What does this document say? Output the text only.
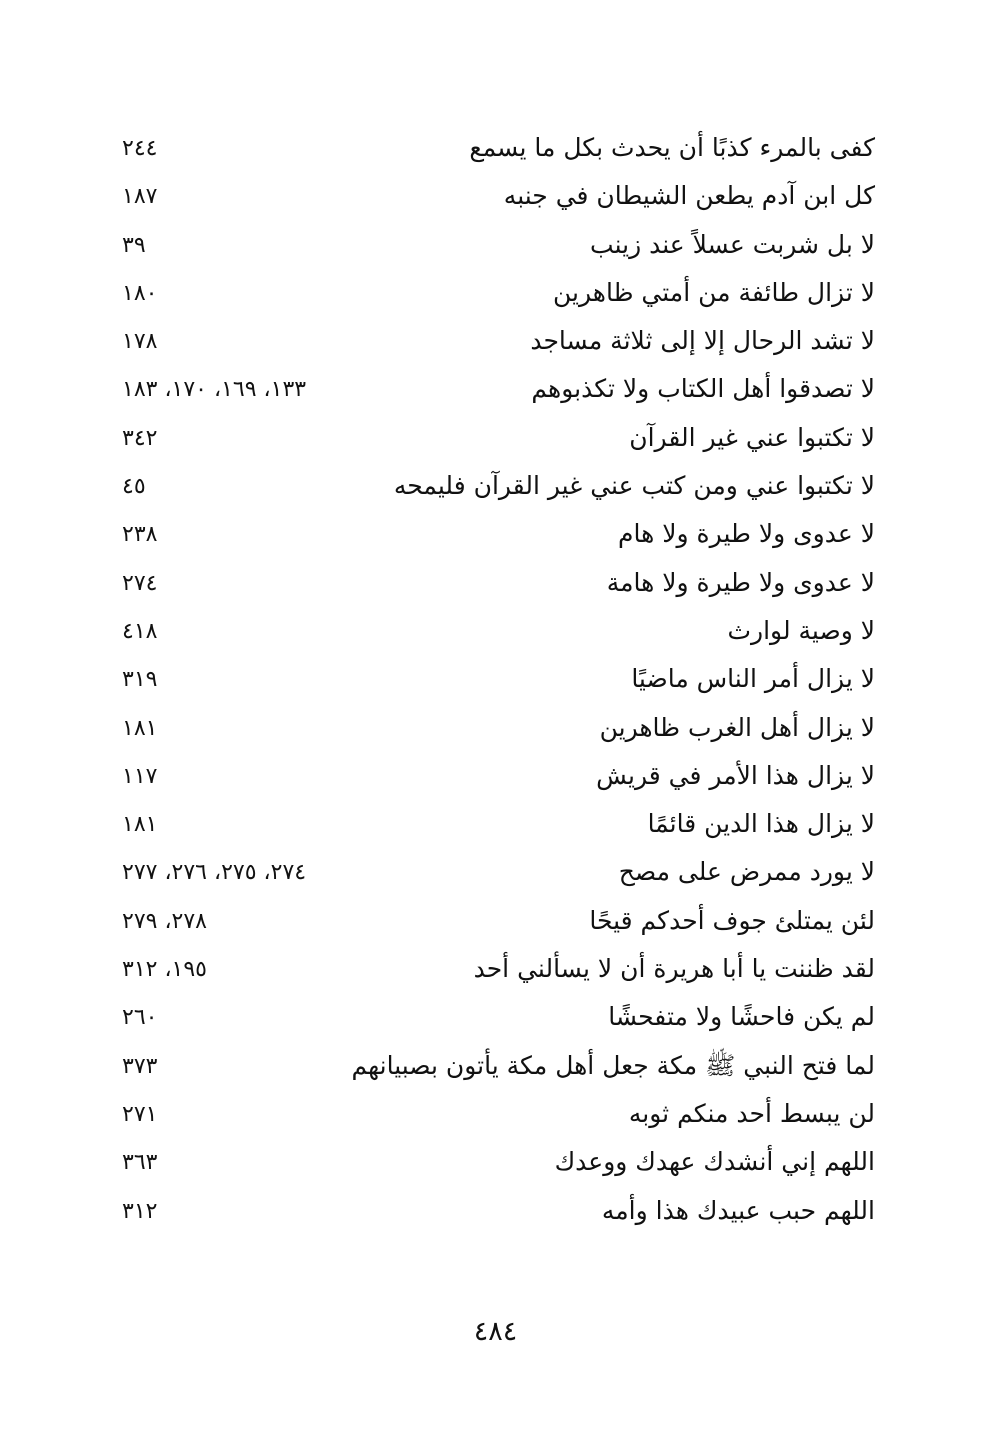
كفى بالمرء كذبًا أن يحدث بكل ما يسمع
٢٤٤
كل ابن آدم يطعن الشيطان في جنبه
١٨٧
لا بل شربت عسلاً عند زينب
٣٩
لا تزال طائفة من أمتي ظاهرين
١٨٠
لا تشد الرحال إلا إلى ثلاثة مساجد
١٧٨
لا تصدقوا أهل الكتاب ولا تكذبوهم
١٣٣، ١٦٩، ١٧٠، ١٨٣
لا تكتبوا عني غير القرآن
٣٤٢
لا تكتبوا عني ومن كتب عني غير القرآن فليمحه
٤٥
لا عدوى ولا طيرة ولا هام
٢٣٨
لا عدوى ولا طيرة ولا هامة
٢٧٤
لا وصية لوارث
٤١٨
لا يزال أمر الناس ماضيًا
٣١٩
لا يزال أهل الغرب ظاهرين
١٨١
لا يزال هذا الأمر في قريش
١١٧
لا يزال هذا الدين قائمًا
١٨١
لا يورد ممرض على مصح
٢٧٤، ٢٧٥، ٢٧٦، ٢٧٧
لئن يمتلئ جوف أحدكم قيحًا
٢٧٨، ٢٧٩
لقد ظننت يا أبا هريرة أن لا يسألني أحد
١٩٥، ٣١٢
لم يكن فاحشًا ولا متفحشًا
٢٦٠
لما فتح النبي ﷺ مكة جعل أهل مكة يأتون بصبيانهم
٣٧٣
لن يبسط أحد منكم ثوبه
٢٧١
اللهم إني أنشدك عهدك ووعدك
٣٦٣
اللهم حبب عبيدك هذا وأمه
٣١٢
٤٨٤
